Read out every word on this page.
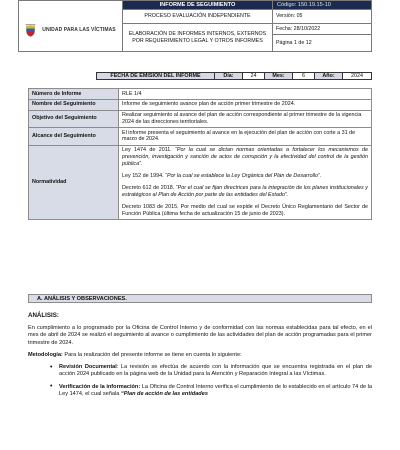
UNIDAD PARA LAS VÍCTIMAS
INFORME DE SEGUIMIENTO
PROCESO EVALUACIÓN INDEPENDIENTE
ELABORACIÓN DE INFORMES INTERNOS, EXTERNOS POR REQUERIMIENTO LEGAL Y OTROS INFORMES
Código: 150.19.15-10
Versión: 05
Fecha: 28/10/2022
Página 1 de 12
FECHA DE EMISIÓN DEL INFORME	Día:	24	Mes:	6	Año:	2024
Número de Informe	RLE 1/4
Nombre del Seguimiento	Informe de seguimiento avance plan de acción primer trimestre de 2024.
Objetivo del Seguimiento	Realizar seguimiento al avance del plan de acción correspondiente al primer trimestre de la vigencia 2024 de las direcciones territoriales.
Alcance del Seguimiento	El informe presenta el seguimiento al avance en la ejecución del plan de acción con corte a 31 de marzo de 2024.
Normatividad	Ley 1474 de 2011. “Por la cual se dictan normas orientadas a fortalecer los mecanismos de prevención, investigación y sanción de actos de corrupción y la efectividad del control de la gestión pública”.

Ley 152 de 1994. “Por la cual se establece la Ley Orgánica del Plan de Desarrollo”.

Decreto 612 de 2018. “Por el cual se fijan directrices para la integración de los planes institucionales y estratégicos al Plan de Acción por parte de las entidades del Estado”.

Decreto 1083 de 2015. Por medio del cual se expide el Decreto Único Reglamentario del Sector de Función Pública (última fecha de actualización 15 de junio de 2023).

A. ANÁLISIS Y OBSERVACIONES.
ANÁLISIS:

En cumplimiento a lo programado por la Oficina de Control Interno y de conformidad con las normas establecidas para tal efecto, en el mes de abril de 2024 se realizó el seguimiento al avance o cumplimiento de las actividades del plan de acción programadas para el primer trimestre de 2024.

Metodología: Para la realización del presente informe se tiene en cuenta lo siguiente:

• Revisión Documental: La revisión se efectúa de acuerdo con la información que se encuentra registrada en el plan de acción 2024 publicado en la página web de la Unidad para la Atención y Reparación Integral a las Víctimas.
• Verificación de la información: La Oficina de Control Interno verifica el cumplimiento de lo establecido en el artículo 74 de la Ley 1474, el cual señala “Plan de acción de las entidades
